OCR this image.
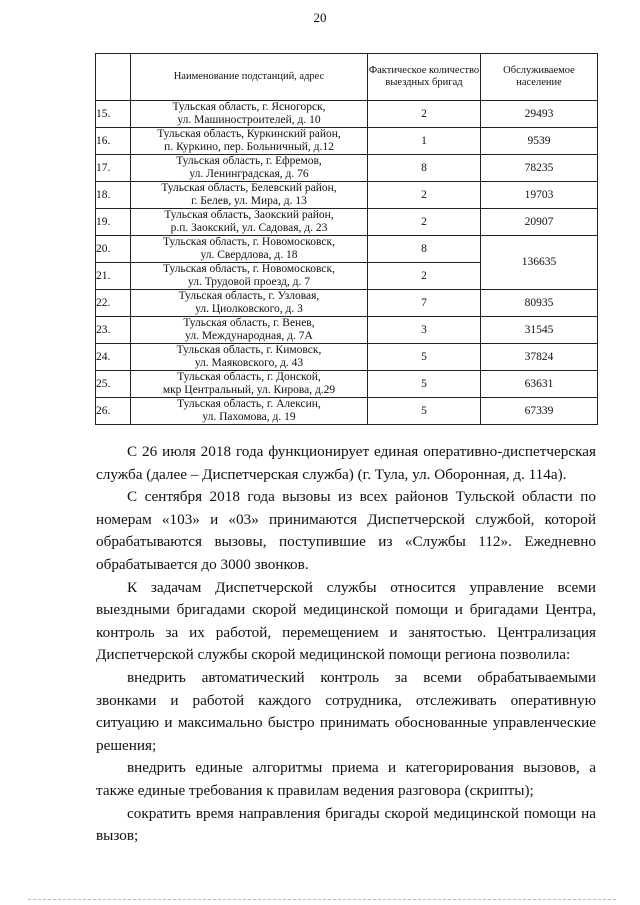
20
	Наименование подстанций, адрес	Фактическое количество выездных бригад	Обслуживаемое население
15.	Тульская область, г. Ясногорск,
ул. Машиностроителей, д. 10	2	29493
16.	Тульская область, Куркинский район,
п. Куркино, пер. Больничный, д.12	1	9539
17.	Тульская область, г. Ефремов,
ул. Ленинградская, д. 76	8	78235
18.	Тульская область, Белевский район,
г. Белев, ул. Мира, д. 13	2	19703
19.	Тульская область, Заокский район,
р.п. Заокский, ул. Садовая, д. 23	2	20907
20.	Тульская область, г. Новомосковск,
ул. Свердлова, д. 18	8	136635
21.	Тульская область, г. Новомосковск,
ул. Трудовой проезд, д. 7	2	
22.	Тульская область, г. Узловая,
ул. Циолковского, д. 3	7	80935
23.	Тульская область, г. Венев,
ул. Международная, д. 7А	3	31545
24.	Тульская область, г. Кимовск,
ул. Маяковского, д. 43	5	37824
25.	Тульская область, г. Донской,
мкр Центральный, ул. Кирова, д.29	5	63631
26.	Тульская область, г. Алексин,
ул. Пахомова, д. 19	5	67339

С 26 июля 2018 года функционирует единая оперативно-диспетчерская служба (далее – Диспетчерская служба) (г. Тула, ул. Оборонная, д. 114а).

С сентября 2018 года вызовы из всех районов Тульской области по номерам «103» и «03» принимаются Диспетчерской службой, которой обрабатываются вызовы, поступившие из «Службы 112». Ежедневно обрабатывается до 3000 звонков.

К задачам Диспетчерской службы относится управление всеми выездными бригадами скорой медицинской помощи и бригадами Центра, контроль за их работой, перемещением и занятостью. Централизация Диспетчерской службы скорой медицинской помощи региона позволила:

внедрить автоматический контроль за всеми обрабатываемыми звонками и работой каждого сотрудника, отслеживать оперативную ситуацию и максимально быстро принимать обоснованные управленческие решения;

внедрить единые алгоритмы приема и категорирования вызовов, а также единые требования к правилам ведения разговора (скрипты);

сократить время направления бригады скорой медицинской помощи на вызов;
